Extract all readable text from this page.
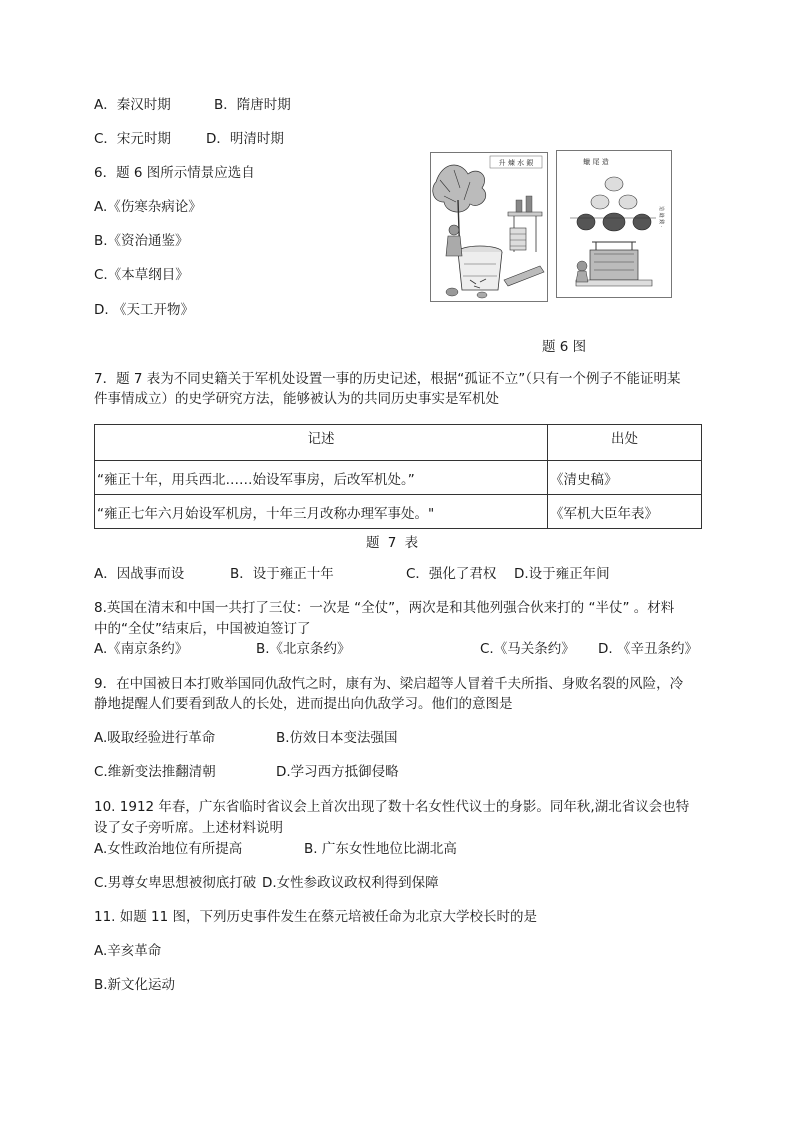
A．秦汉时期	B．隋唐时期
C．宋元时期	D．明清时期
6．题 6 图所示情景应选自
A.《伤寒杂病论》
B.《资治通鉴》
C.《本草纲目》
D. 《天工开物》
升 煉 水 銀	蠟 尾 造
造 縫 錢 ·
题 6 图
7．题 7 表为不同史籍关于军机处设置一事的历史记述，根据“孤证不立”（只有一个例子不能证明某
件事情成立）的史学研究方法，能够被认为的共同历史事实是军机处
记述	出处
“雍正十年，用兵西北……始设军事房，后改军机处。”	《清史稿》
“雍正七年六月始设军机房，十年三月改称办理军事处。"	《军机大臣年表》
题 7 表
A．因战事而设	B．设于雍正十年	C．强化了君权 D.设于雍正年间
8.英国在清末和中国一共打了三仗：一次是 “全仗”，两次是和其他列强合伙来打的 “半仗” 。材料
中的“全仗”结束后，中国被迫签订了
A.《南京条约》	B.《北京条约》	C.《马关条约》 D. 《辛丑条约》
9．在中国被日本打败举国同仇敌忾之时，康有为、梁启超等人冒着千夫所指、身败名裂的风险，冷
静地提醒人们要看到敌人的长处，进而提出向仇敌学习。他们的意图是
A.吸取经验进行革命	B.仿效日本变法强国
C.维新变法推翻清朝	D.学习西方抵御侵略
10. 1912 年春，广东省临时省议会上首次出现了数十名女性代议士的身影。同年秋,湖北省议会也特
设了女子旁听席。上述材料说明
A.女性政治地位有所提高	B. 广东女性地位比湖北高
C.男尊女卑思想被彻底打破 D.女性参政议政权利得到保障
11. 如题 11 图，下列历史事件发生在蔡元培被任命为北京大学校长时的是
A.辛亥革命
B.新文化运动
